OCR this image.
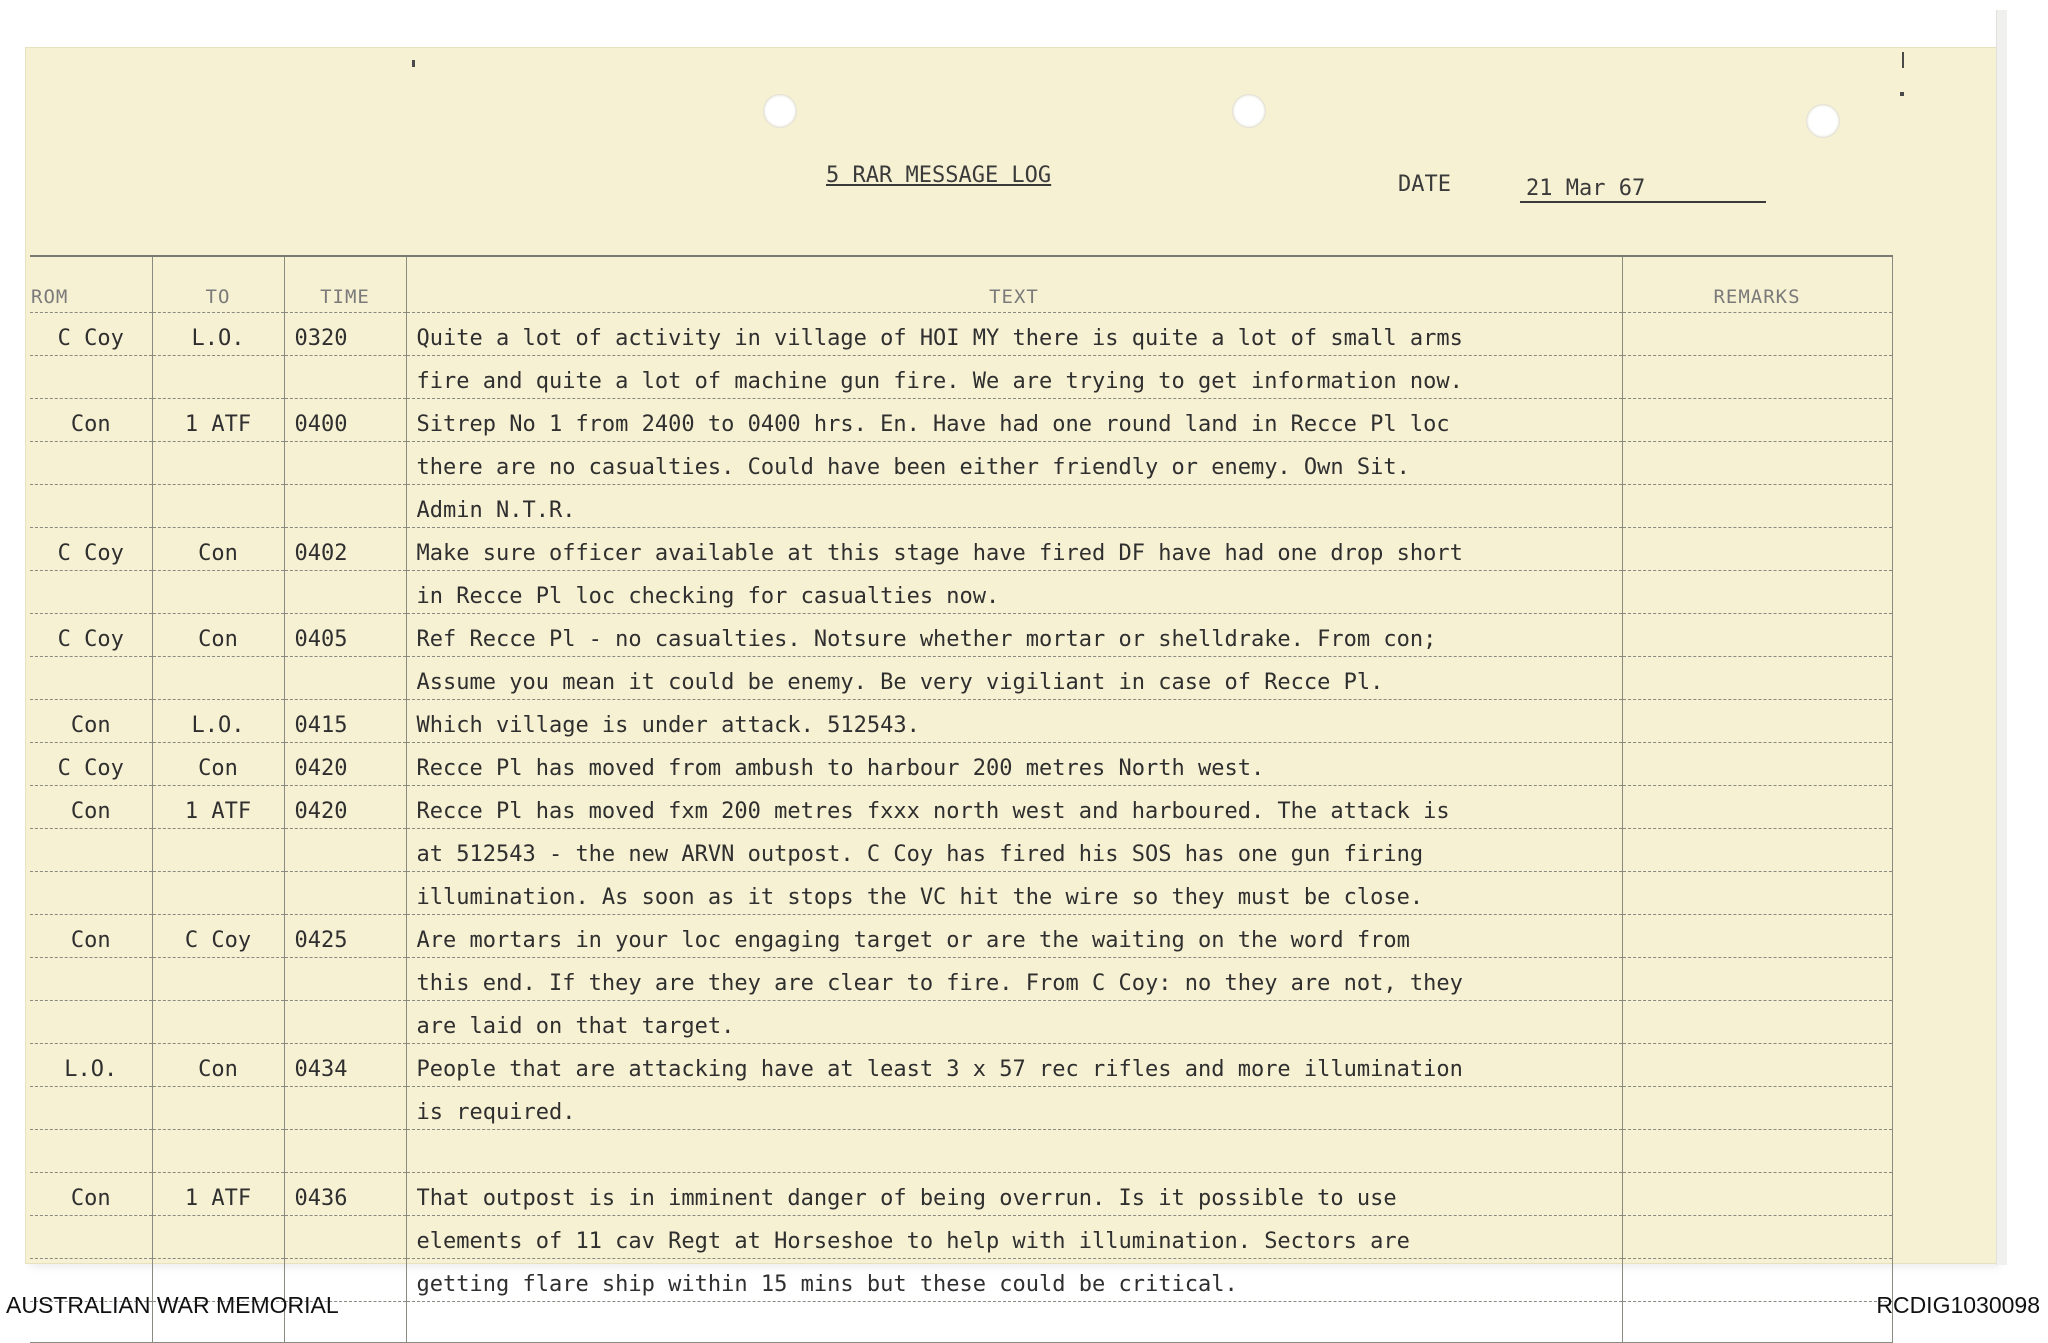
5 RAR MESSAGE LOG	DATE	21 Mar 67
ROM	TO	TIME	TEXT	REMARKS
C Coy	L.O.	0320	Quite a lot of activity in village of HOI MY there is quite a lot of small arms	
			fire and quite a lot of machine gun fire. We are trying to get information now.	
Con	1 ATF	0400	Sitrep No 1 from 2400 to 0400 hrs. En. Have had one round land in Recce Pl loc	
			there are no casualties. Could have been either friendly or enemy. Own Sit.	
			Admin N.T.R.	
C Coy	Con	0402	Make sure officer available at this stage have fired DF have had one drop short	
			in Recce Pl loc checking for casualties now.	
C Coy	Con	0405	Ref Recce Pl - no casualties. Notsure whether mortar or shelldrake. From con;	
			Assume you mean it could be enemy. Be very vigiliant in case of Recce Pl.	
Con	L.O.	0415	Which village is under attack. 512543.	
C Coy	Con	0420	Recce Pl has moved from ambush to harbour 200 metres North west.	
Con	1 ATF	0420	Recce Pl has moved fxm 200 metres fxxx north west and harboured. The attack is	
			at 512543 - the new ARVN outpost. C Coy has fired his SOS has one gun firing	
			illumination. As soon as it stops the VC hit the wire so they must be close.	
Con	C Coy	0425	Are mortars in your loc engaging target or are the waiting on the word from	
			this end. If they are they are clear to fire. From C Coy: no they are not, they	
			are laid on that target.	
L.O.	Con	0434	People that are attacking have at least 3 x 57 rec rifles and more illumination	
			is required.	

Con	1 ATF	0436	That outpost is in imminent danger of being overrun. Is it possible to use	
			elements of 11 cav Regt at Horseshoe to help with illumination. Sectors are	
			getting flare ship within 15 mins but these could be critical.	

AUSTRALIAN WAR MEMORIAL	RCDIG1030098
